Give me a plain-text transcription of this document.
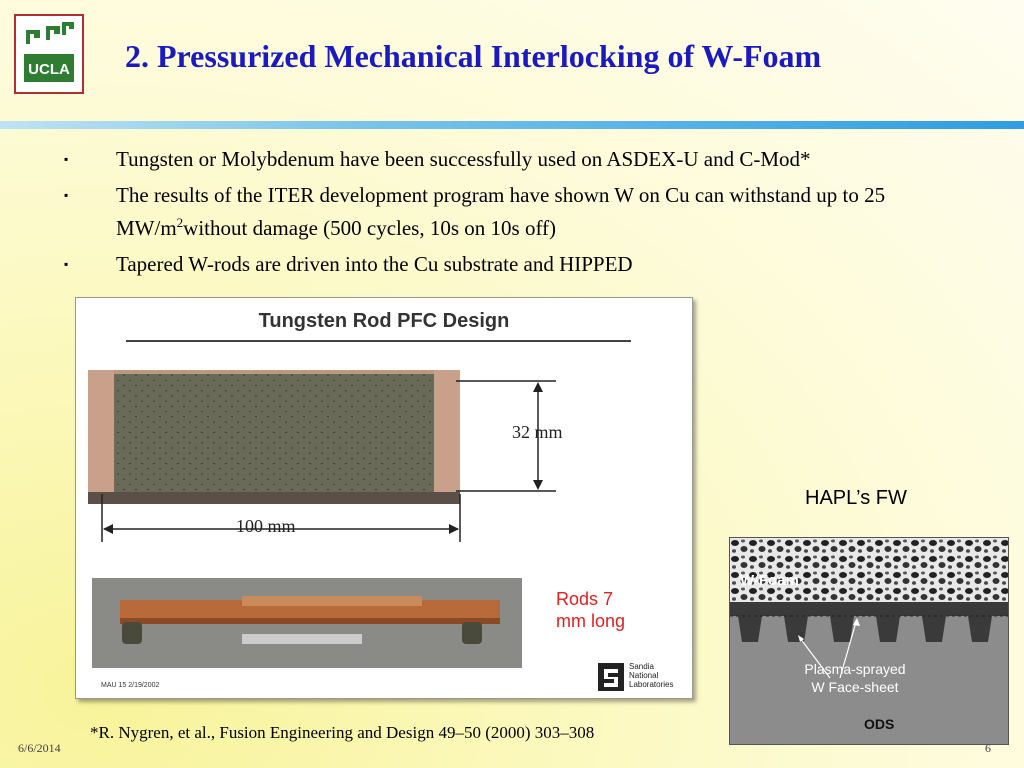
UCLA 2. Pressurized Mechanical Interlocking of W-Foam
▪	Tungsten or Molybdenum have been successfully used on ASDEX-U and C-Mod*
▪	The results of the ITER development program have shown W on Cu can withstand up to 25 $MW/m^2without$ damage (500 cycles, 10s on 10s off)
▪	Tapered W-rods are driven into the Cu substrate and HIPPED
Tungsten Rod PFC Design
32 mm
100 mm
Rods 7
mm long
MAU 15 2/19/2002
Sandia
National
Laboratories
HAPL’s FW
W-Foam
Plasma-sprayed
W Face-sheet
ODS
*R. Nygren, et al., Fusion Engineering and Design 49–50 (2000) 303–308
6/6/2014	6
